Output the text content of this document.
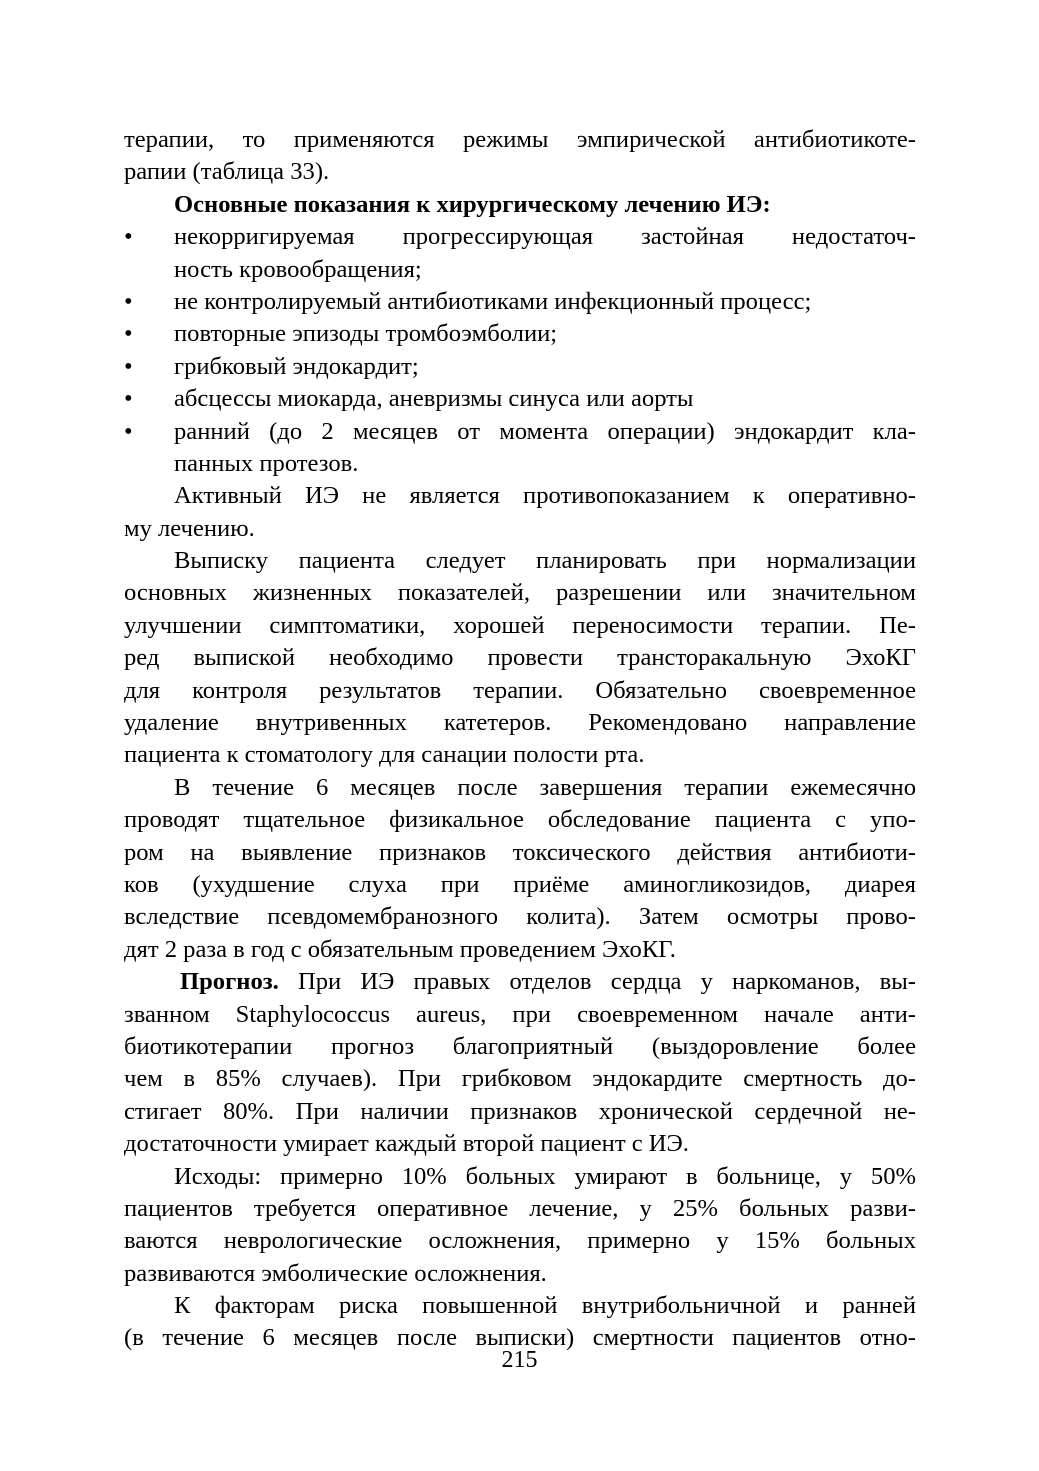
терапии, то применяются режимы эмпирической антибиотикоте-
рапии (таблица 33).
Основные показания к хирургическому лечению ИЭ:
•	некорригируемая прогрессирующая застойная недостаточ-
ность кровообращения;
•	не контролируемый антибиотиками инфекционный процесс;
•	повторные эпизоды тромбоэмболии;
•	грибковый эндокардит;
•	абсцессы миокарда, аневризмы синуса или аорты
•	ранний (до 2 месяцев от момента операции) эндокардит кла-
панных протезов.
Активный ИЭ не является противопоказанием к оперативно-
му лечению.
Выписку пациента следует планировать при нормализации
основных жизненных показателей, разрешении или значительном
улучшении симптоматики, хорошей переносимости терапии. Пе-
ред выпиской необходимо провести трансторакальную ЭхоКГ
для контроля результатов терапии. Обязательно своевременное
удаление внутривенных катетеров. Рекомендовано направление
пациента к стоматологу для санации полости рта.
В течение 6 месяцев после завершения терапии ежемесячно
проводят тщательное физикальное обследование пациента с упо-
ром на выявление признаков токсического действия антибиоти-
ков (ухудшение слуха при приёме аминогликозидов, диарея
вследствие псевдомембранозного колита). Затем осмотры прово-
дят 2 раза в год с обязательным проведением ЭхоКГ.
Прогноз. При ИЭ правых отделов сердца у наркоманов, вы-
званном Staphylococcus aureus, при своевременном начале анти-
биотикотерапии прогноз благоприятный (выздоровление более
чем в 85% случаев). При грибковом эндокардите смертность до-
стигает 80%. При наличии признаков хронической сердечной не-
достаточности умирает каждый второй пациент с ИЭ.
Исходы: примерно 10% больных умирают в больнице, у 50%
пациентов требуется оперативное лечение, у 25% больных разви-
ваются неврологические осложнения, примерно у 15% больных
развиваются эмболические осложнения.
К факторам риска повышенной внутрибольничной и ранней
(в течение 6 месяцев после выписки) смертности пациентов отно-
215
